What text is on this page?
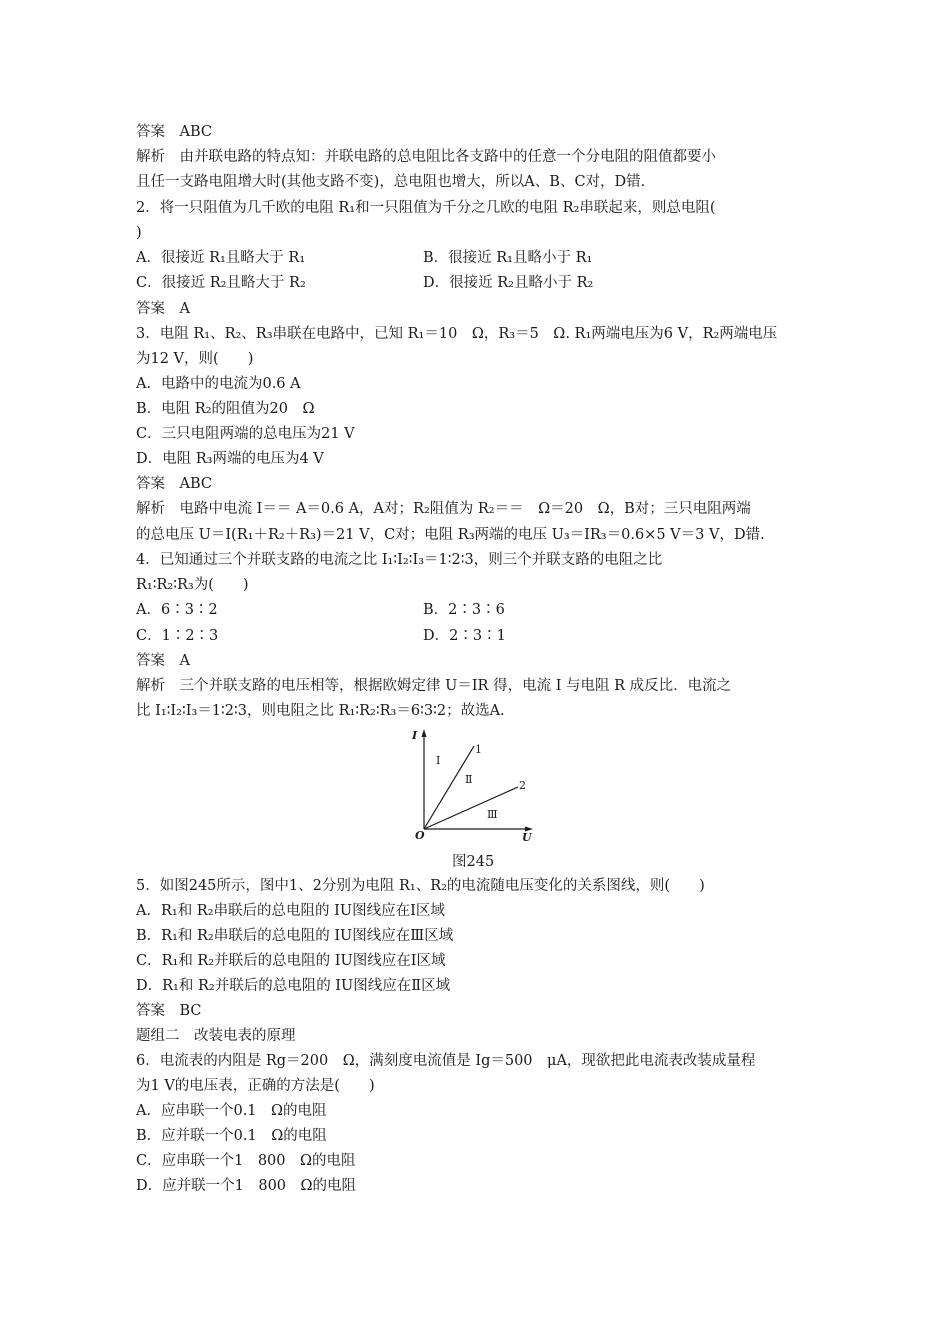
答案　ABC
解析　由并联电路的特点知：并联电路的总电阻比各支路中的任意一个分电阻的阻值都要小
且任一支路电阻增大时(其他支路不变)，总电阻也增大，所以A、B、C对，D错.
2．将一只阻值为几千欧的电阻 R₁和一只阻值为千分之几欧的电阻 R₂串联起来，则总电阻(
)
A．很接近 R₁且略大于 R₁	B．很接近 R₁且略小于 R₁
C．很接近 R₂且略大于 R₂	D．很接近 R₂且略小于 R₂
答案　A
3．电阻 R₁、R₂、R₃串联在电路中，已知 R₁＝10　Ω，R₃＝5　Ω. R₁两端电压为6 V，R₂两端电压
为12 V，则(　　)
A．电路中的电流为0.6 A
B．电阻 R₂的阻值为20　Ω
C．三只电阻两端的总电压为21 V
D．电阻 R₃两端的电压为4 V
答案　ABC
解析　电路中电流 I＝＝ A＝0.6 A，A对；R₂阻值为 R₂＝＝　Ω＝20　Ω，B对；三只电阻两端
的总电压 U＝I(R₁＋R₂＋R₃)＝21 V，C对；电阻 R₃两端的电压 U₃＝IR₃＝0.6×5 V＝3 V，D错.
4．已知通过三个并联支路的电流之比 I₁∶I₂∶I₃＝1∶2∶3，则三个并联支路的电阻之比
R₁∶R₂∶R₃为(　　)
A．6∶3∶2	B．2∶3∶6
C．1∶2∶3	D．2∶3∶1
答案　A
解析　三个并联支路的电压相等，根据欧姆定律 U＝IR 得，电流 I 与电阻 R 成反比．电流之
比 I₁∶I₂∶I₃＝1∶2∶3，则电阻之比 R₁∶R₂∶R₃＝6∶3∶2；故选A.
I
U
O
1
2
Ⅰ
Ⅱ
Ⅲ
图245
5．如图245所示，图中1、2分别为电阻 R₁、R₂的电流随电压变化的关系图线，则(　　)
A．R₁和 R₂串联后的总电阻的 IU图线应在Ⅰ区域
B．R₁和 R₂串联后的总电阻的 IU图线应在Ⅲ区域
C．R₁和 R₂并联后的总电阻的 IU图线应在Ⅰ区域
D．R₁和 R₂并联后的总电阻的 IU图线应在Ⅱ区域
答案　BC
题组二　改装电表的原理
6．电流表的内阻是 Rg＝200　Ω，满刻度电流值是 Ig＝500　μA，现欲把此电流表改装成量程
为1 V的电压表，正确的方法是(　　)
A．应串联一个0.1　Ω的电阻
B．应并联一个0.1　Ω的电阻
C．应串联一个1　800　Ω的电阻
D．应并联一个1　800　Ω的电阻
